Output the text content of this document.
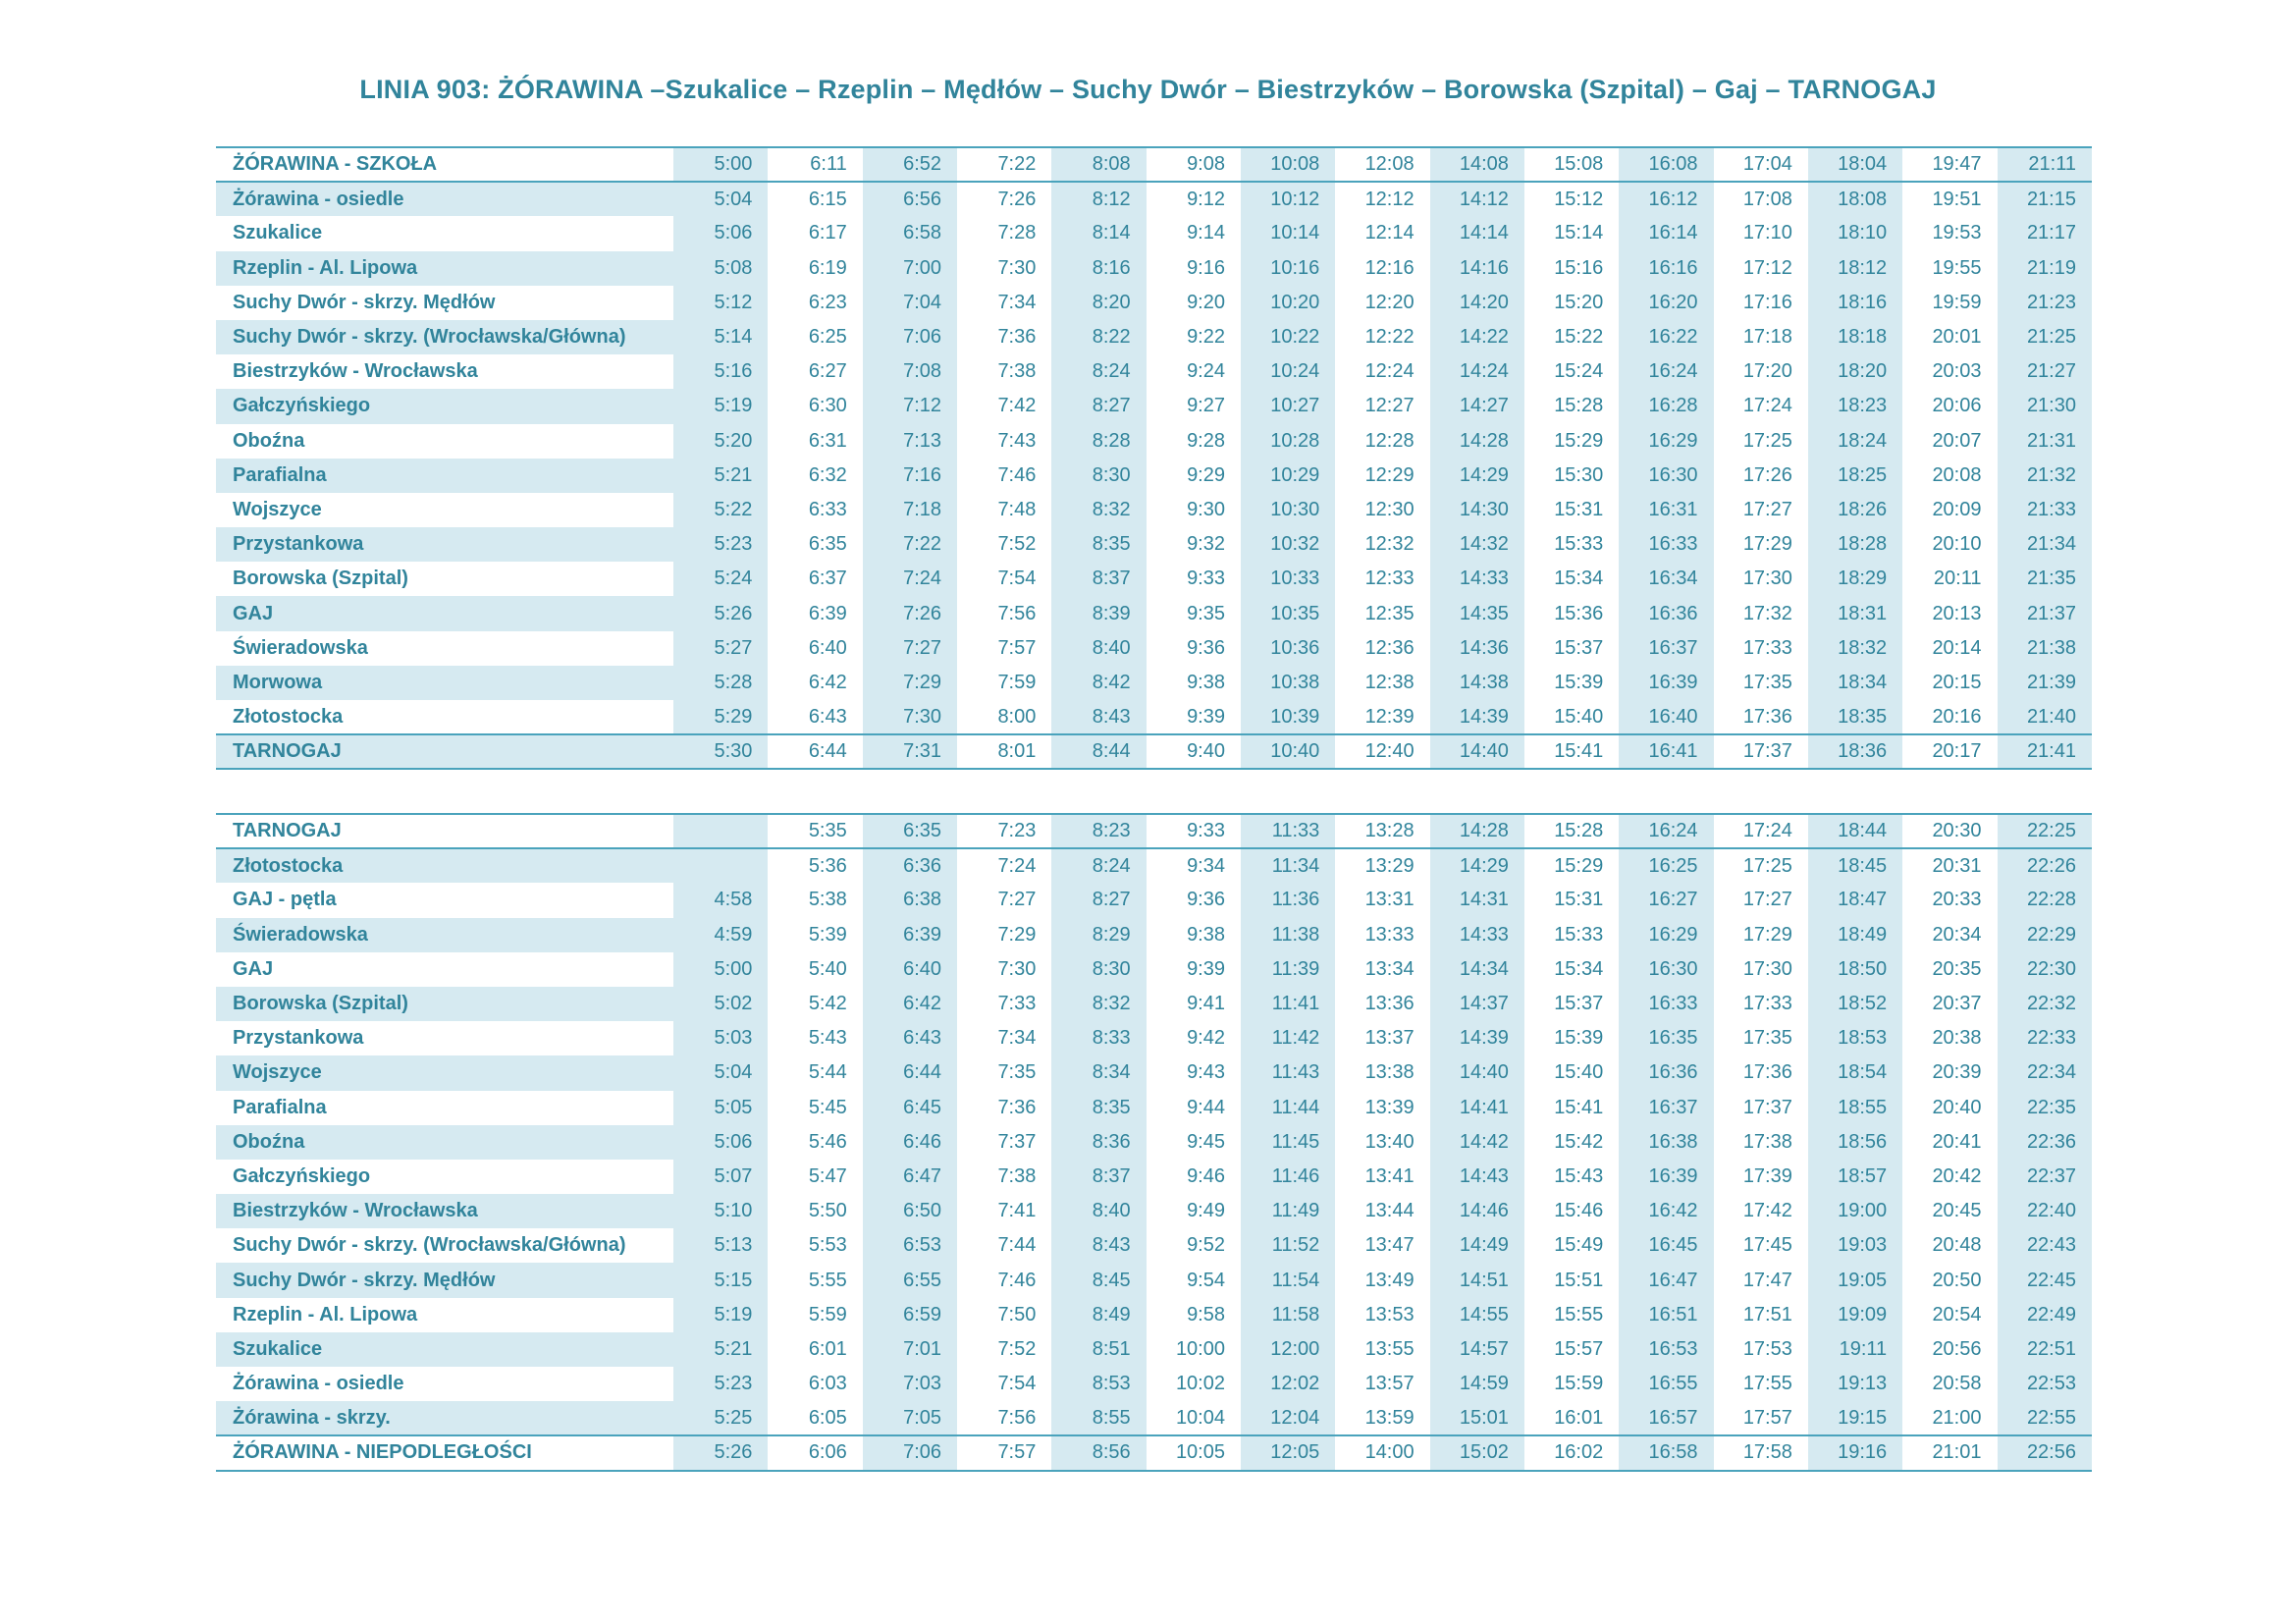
LINIA 903: ŻÓRAWINA –Szukalice – Rzeplin – Mędłów – Suchy Dwór – Biestrzyków – Borowska (Szpital) – Gaj – TARNOGAJ
ŻÓRAWINA - SZKOŁA	5:00	6:11	6:52	7:22	8:08	9:08	10:08	12:08	14:08	15:08	16:08	17:04	18:04	19:47	21:11
Żórawina - osiedle	5:04	6:15	6:56	7:26	8:12	9:12	10:12	12:12	14:12	15:12	16:12	17:08	18:08	19:51	21:15
Szukalice	5:06	6:17	6:58	7:28	8:14	9:14	10:14	12:14	14:14	15:14	16:14	17:10	18:10	19:53	21:17
Rzeplin - Al. Lipowa	5:08	6:19	7:00	7:30	8:16	9:16	10:16	12:16	14:16	15:16	16:16	17:12	18:12	19:55	21:19
Suchy Dwór - skrzy. Mędłów	5:12	6:23	7:04	7:34	8:20	9:20	10:20	12:20	14:20	15:20	16:20	17:16	18:16	19:59	21:23
Suchy Dwór - skrzy. (Wrocławska/Główna)	5:14	6:25	7:06	7:36	8:22	9:22	10:22	12:22	14:22	15:22	16:22	17:18	18:18	20:01	21:25
Biestrzyków - Wrocławska	5:16	6:27	7:08	7:38	8:24	9:24	10:24	12:24	14:24	15:24	16:24	17:20	18:20	20:03	21:27
Gałczyńskiego	5:19	6:30	7:12	7:42	8:27	9:27	10:27	12:27	14:27	15:28	16:28	17:24	18:23	20:06	21:30
Oboźna	5:20	6:31	7:13	7:43	8:28	9:28	10:28	12:28	14:28	15:29	16:29	17:25	18:24	20:07	21:31
Parafialna	5:21	6:32	7:16	7:46	8:30	9:29	10:29	12:29	14:29	15:30	16:30	17:26	18:25	20:08	21:32
Wojszyce	5:22	6:33	7:18	7:48	8:32	9:30	10:30	12:30	14:30	15:31	16:31	17:27	18:26	20:09	21:33
Przystankowa	5:23	6:35	7:22	7:52	8:35	9:32	10:32	12:32	14:32	15:33	16:33	17:29	18:28	20:10	21:34
Borowska (Szpital)	5:24	6:37	7:24	7:54	8:37	9:33	10:33	12:33	14:33	15:34	16:34	17:30	18:29	20:11	21:35
GAJ	5:26	6:39	7:26	7:56	8:39	9:35	10:35	12:35	14:35	15:36	16:36	17:32	18:31	20:13	21:37
Świeradowska	5:27	6:40	7:27	7:57	8:40	9:36	10:36	12:36	14:36	15:37	16:37	17:33	18:32	20:14	21:38
Morwowa	5:28	6:42	7:29	7:59	8:42	9:38	10:38	12:38	14:38	15:39	16:39	17:35	18:34	20:15	21:39
Złotostocka	5:29	6:43	7:30	8:00	8:43	9:39	10:39	12:39	14:39	15:40	16:40	17:36	18:35	20:16	21:40
TARNOGAJ	5:30	6:44	7:31	8:01	8:44	9:40	10:40	12:40	14:40	15:41	16:41	17:37	18:36	20:17	21:41
TARNOGAJ		5:35	6:35	7:23	8:23	9:33	11:33	13:28	14:28	15:28	16:24	17:24	18:44	20:30	22:25
Złotostocka		5:36	6:36	7:24	8:24	9:34	11:34	13:29	14:29	15:29	16:25	17:25	18:45	20:31	22:26
GAJ - pętla	4:58	5:38	6:38	7:27	8:27	9:36	11:36	13:31	14:31	15:31	16:27	17:27	18:47	20:33	22:28
Świeradowska	4:59	5:39	6:39	7:29	8:29	9:38	11:38	13:33	14:33	15:33	16:29	17:29	18:49	20:34	22:29
GAJ	5:00	5:40	6:40	7:30	8:30	9:39	11:39	13:34	14:34	15:34	16:30	17:30	18:50	20:35	22:30
Borowska (Szpital)	5:02	5:42	6:42	7:33	8:32	9:41	11:41	13:36	14:37	15:37	16:33	17:33	18:52	20:37	22:32
Przystankowa	5:03	5:43	6:43	7:34	8:33	9:42	11:42	13:37	14:39	15:39	16:35	17:35	18:53	20:38	22:33
Wojszyce	5:04	5:44	6:44	7:35	8:34	9:43	11:43	13:38	14:40	15:40	16:36	17:36	18:54	20:39	22:34
Parafialna	5:05	5:45	6:45	7:36	8:35	9:44	11:44	13:39	14:41	15:41	16:37	17:37	18:55	20:40	22:35
Oboźna	5:06	5:46	6:46	7:37	8:36	9:45	11:45	13:40	14:42	15:42	16:38	17:38	18:56	20:41	22:36
Gałczyńskiego	5:07	5:47	6:47	7:38	8:37	9:46	11:46	13:41	14:43	15:43	16:39	17:39	18:57	20:42	22:37
Biestrzyków - Wrocławska	5:10	5:50	6:50	7:41	8:40	9:49	11:49	13:44	14:46	15:46	16:42	17:42	19:00	20:45	22:40
Suchy Dwór - skrzy. (Wrocławska/Główna)	5:13	5:53	6:53	7:44	8:43	9:52	11:52	13:47	14:49	15:49	16:45	17:45	19:03	20:48	22:43
Suchy Dwór - skrzy. Mędłów	5:15	5:55	6:55	7:46	8:45	9:54	11:54	13:49	14:51	15:51	16:47	17:47	19:05	20:50	22:45
Rzeplin - Al. Lipowa	5:19	5:59	6:59	7:50	8:49	9:58	11:58	13:53	14:55	15:55	16:51	17:51	19:09	20:54	22:49
Szukalice	5:21	6:01	7:01	7:52	8:51	10:00	12:00	13:55	14:57	15:57	16:53	17:53	19:11	20:56	22:51
Żórawina - osiedle	5:23	6:03	7:03	7:54	8:53	10:02	12:02	13:57	14:59	15:59	16:55	17:55	19:13	20:58	22:53
Żórawina - skrzy.	5:25	6:05	7:05	7:56	8:55	10:04	12:04	13:59	15:01	16:01	16:57	17:57	19:15	21:00	22:55
ŻÓRAWINA - NIEPODLEGŁOŚCI	5:26	6:06	7:06	7:57	8:56	10:05	12:05	14:00	15:02	16:02	16:58	17:58	19:16	21:01	22:56
